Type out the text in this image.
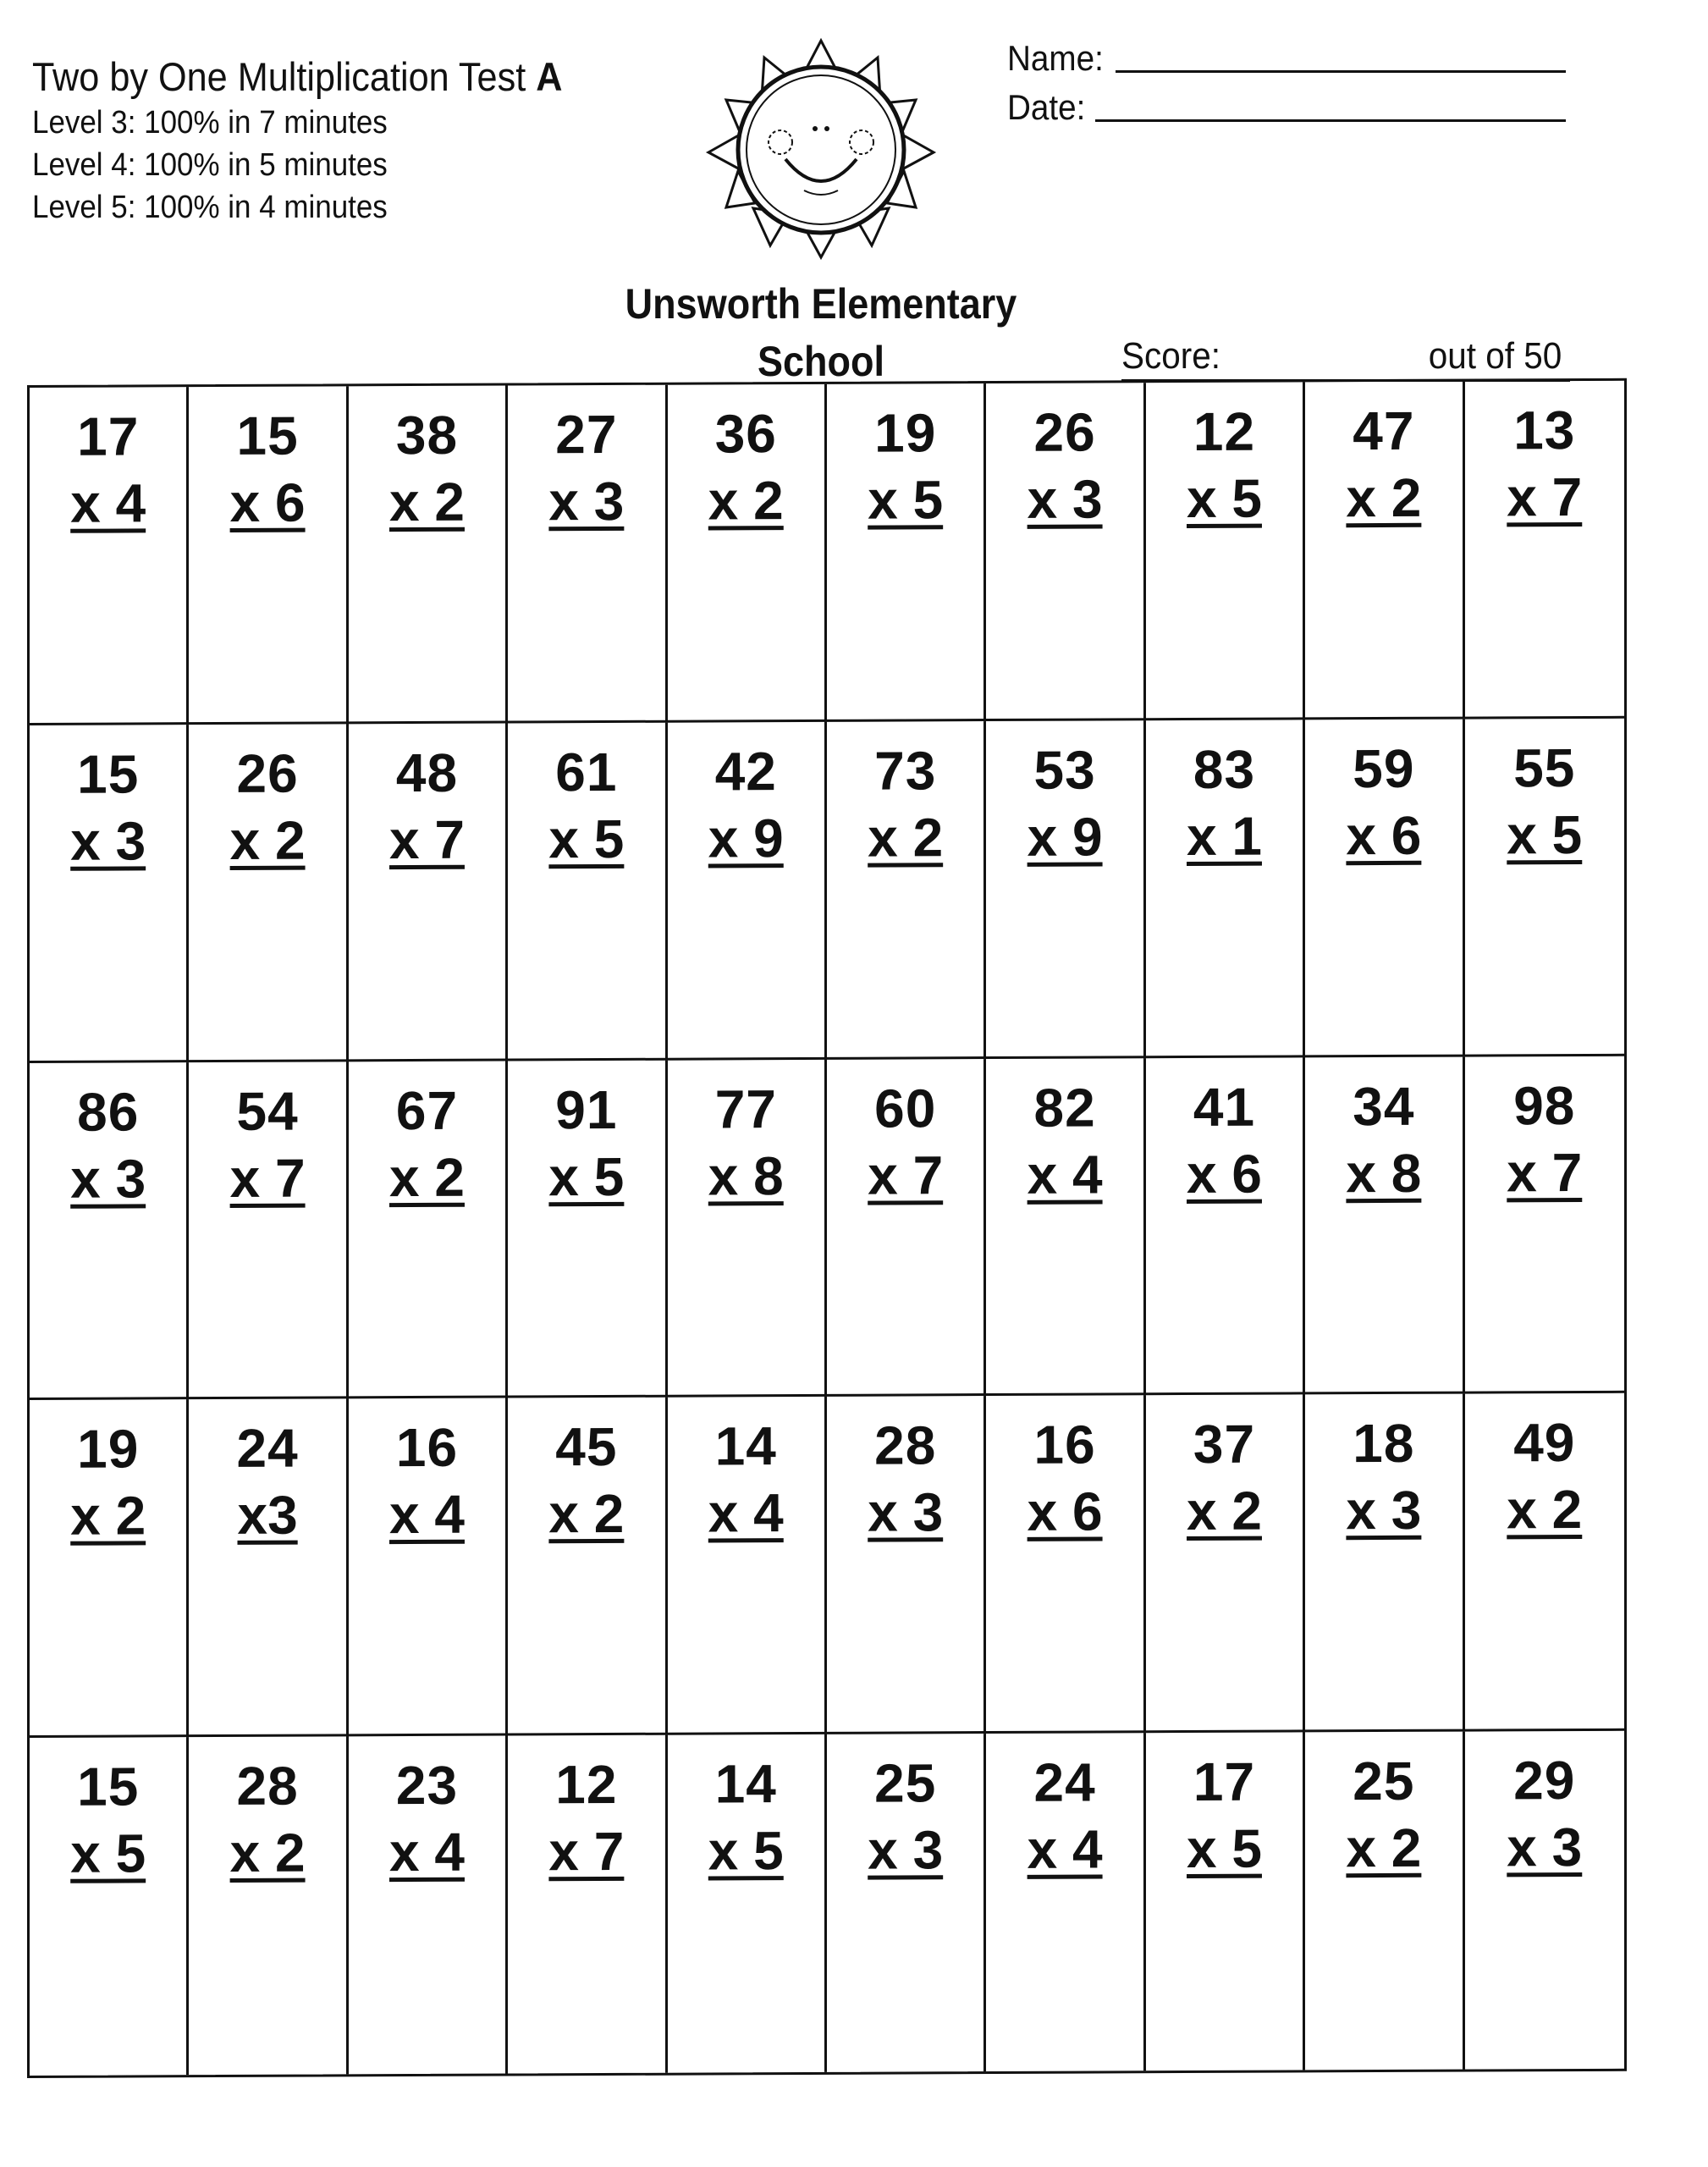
Two by One Multiplication Test A
Level 3: 100% in 7 minutes
Level 4: 100% in 5 minutes
Level 5: 100% in 4 minutes
Name:
Date:
Unsworth Elementary
School	Score:	out of 50
17
x 4
15
x 6
38
x 2
27
x 3
36
x 2
19
x 5
26
x 3
12
x 5
47
x 2
13
x 7
15
x 3
26
x 2
48
x 7
61
x 5
42
x 9
73
x 2
53
x 9
83
x 1
59
x 6
55
x 5
86
x 3
54
x 7
67
x 2
91
x 5
77
x 8
60
x 7
82
x 4
41
x 6
34
x 8
98
x 7
19
x 2
24
x3
16
x 4
45
x 2
14
x 4
28
x 3
16
x 6
37
x 2
18
x 3
49
x 2
15
x 5
28
x 2
23
x 4
12
x 7
14
x 5
25
x 3
24
x 4
17
x 5
25
x 2
29
x 3
